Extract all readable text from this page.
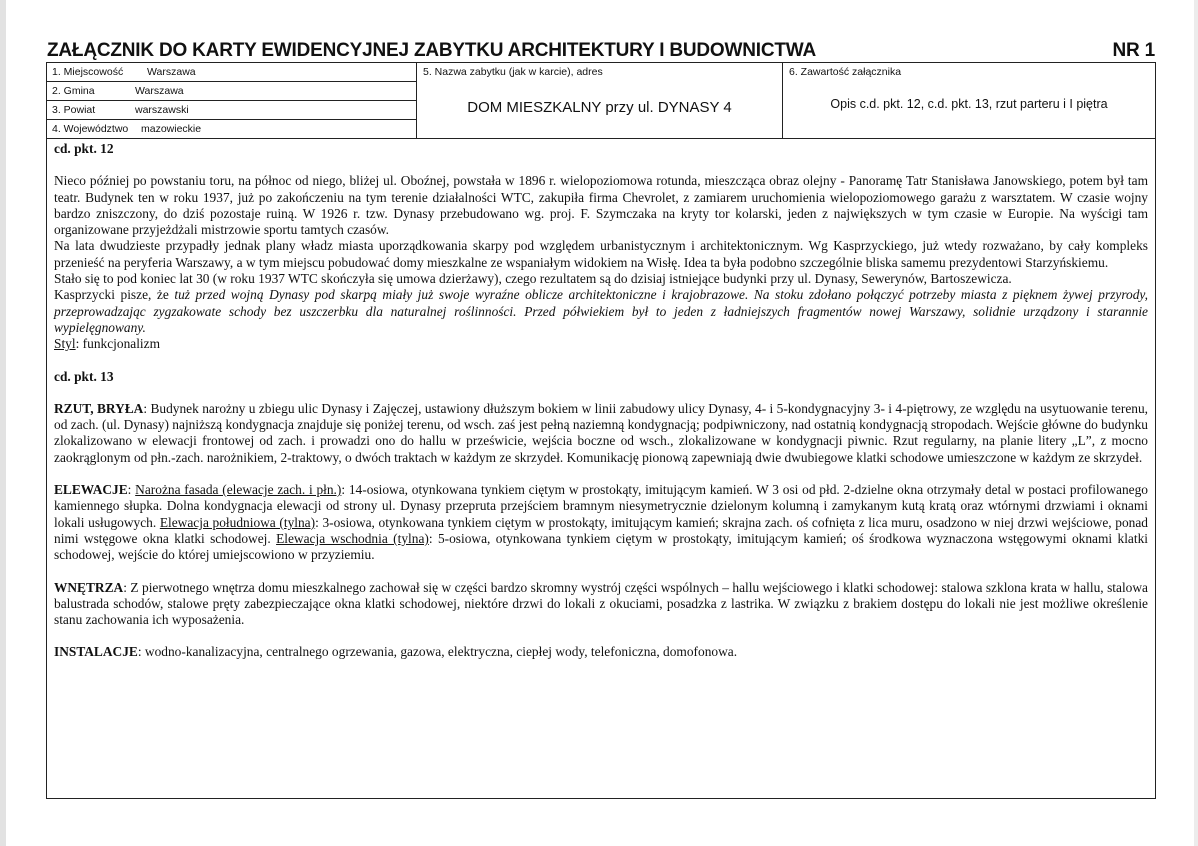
ZAŁĄCZNIK DO KARTY EWIDENCYJNEJ ZABYTKU ARCHITEKTURY I BUDOWNICTWA	NR 1
1. Miejscowość Warszawa
2. Gmina	Warszawa
3. Powiat	warszawski
4. Województwo mazowieckie
5. Nazwa zabytku (jak w karcie), adres
DOM MIESZKALNY przy ul. DYNASY 4
6. Zawartość załącznika
Opis c.d. pkt. 12, c.d. pkt. 13, rzut parteru i I piętra
cd. pkt. 12

Nieco później po powstaniu toru, na północ od niego, bliżej ul. Oboźnej, powstała w 1896 r. wielopoziomowa rotunda, mieszcząca obraz olejny - Panoramę Tatr Stanisława Janowskiego, potem był tam teatr. Budynek ten w roku 1937, już po zakończeniu na tym terenie działalności WTC, zakupiła firma Chevrolet, z zamiarem uruchomienia wielopoziomowego garażu z warsztatem. W czasie wojny bardzo zniszczony, do dziś pozostaje ruiną. W 1926 r. tzw. Dynasy przebudowano wg. proj. F. Szymczaka na kryty tor kolarski, jeden z największych w tym czasie w Europie. Na wyścigi tam organizowane przyjeżdżali mistrzowie sportu tamtych czasów.

Na lata dwudzieste przypadły jednak plany władz miasta uporządkowania skarpy pod względem urbanistycznym i architektonicznym. Wg Kasprzyckiego, już wtedy rozważano, by cały kompleks przenieść na peryferia Warszawy, a w tym miejscu pobudować domy mieszkalne ze wspaniałym widokiem na Wisłę. Idea ta była podobno szczególnie bliska samemu prezydentowi Starzyńskiemu.

Stało się to pod koniec lat 30 (w roku 1937 WTC skończyła się umowa dzierżawy), czego rezultatem są do dzisiaj istniejące budynki przy ul. Dynasy, Sewerynów, Bartoszewicza.

Kasprzycki pisze, że tuż przed wojną Dynasy pod skarpą miały już swoje wyraźne oblicze architektoniczne i krajobrazowe. Na stoku zdołano połączyć potrzeby miasta z pięknem żywej przyrody, przeprowadzając zygzakowate schody bez uszczerbku dla naturalnej roślinności. Przed półwiekiem był to jeden z ładniejszych fragmentów nowej Warszawy, solidnie urządzony i starannie wypielęgnowany.

Styl: funkcjonalizm

cd. pkt. 13

RZUT, BRYŁA: Budynek narożny u zbiegu ulic Dynasy i Zajęczej, ustawiony dłuższym bokiem w linii zabudowy ulicy Dynasy, 4- i 5-kondygnacyjny 3- i 4-piętrowy, ze względu na usytuowanie terenu, od zach. (ul. Dynasy) najniższą kondygnacja znajduje się poniżej terenu, od wsch. zaś jest pełną naziemną kondygnacją; podpiwniczony, nad ostatnią kondygnacją stropodach. Wejście główne do budynku zlokalizowano w elewacji frontowej od zach. i prowadzi ono do hallu w prześwicie, wejścia boczne od wsch., zlokalizowane w kondygnacji piwnic. Rzut regularny, na planie litery „L”, z mocno zaokrąglonym od płn.-zach. narożnikiem, 2-traktowy, o dwóch traktach w każdym ze skrzydeł. Komunikację pionową zapewniają dwie dwubiegowe klatki schodowe umieszczone w każdym ze skrzydeł.

ELEWACJE: Narożna fasada (elewacje zach. i płn.): 14-osiowa, otynkowana tynkiem ciętym w prostokąty, imitującym kamień. W 3 osi od płd. 2-dzielne okna otrzymały detal w postaci profilowanego kamiennego słupka. Dolna kondygnacja elewacji od strony ul. Dynasy przepruta przejściem bramnym niesymetrycznie dzielonym kolumną i zamykanym kutą kratą oraz wtórnymi drzwiami i oknami lokali usługowych. Elewacja południowa (tylna): 3-osiowa, otynkowana tynkiem ciętym w prostokąty, imitującym kamień; skrajna zach. oś cofnięta z lica muru, osadzono w niej drzwi wejściowe, ponad nimi wstęgowe okna klatki schodowej. Elewacja wschodnia (tylna): 5-osiowa, otynkowana tynkiem ciętym w prostokąty, imitującym kamień; oś środkowa wyznaczona wstęgowymi oknami klatki schodowej, wejście do której umiejscowiono w przyziemiu.

WNĘTRZA: Z pierwotnego wnętrza domu mieszkalnego zachował się w części bardzo skromny wystrój części wspólnych – hallu wejściowego i klatki schodowej: stalowa szklona krata w hallu, stalowa balustrada schodów, stalowe pręty zabezpieczające okna klatki schodowej, niektóre drzwi do lokali z okuciami, posadzka z lastrika. W związku z brakiem dostępu do lokali nie jest możliwe określenie stanu zachowania ich wyposażenia.

INSTALACJE: wodno-kanalizacyjna, centralnego ogrzewania, gazowa, elektryczna, ciepłej wody, telefoniczna, domofonowa.
